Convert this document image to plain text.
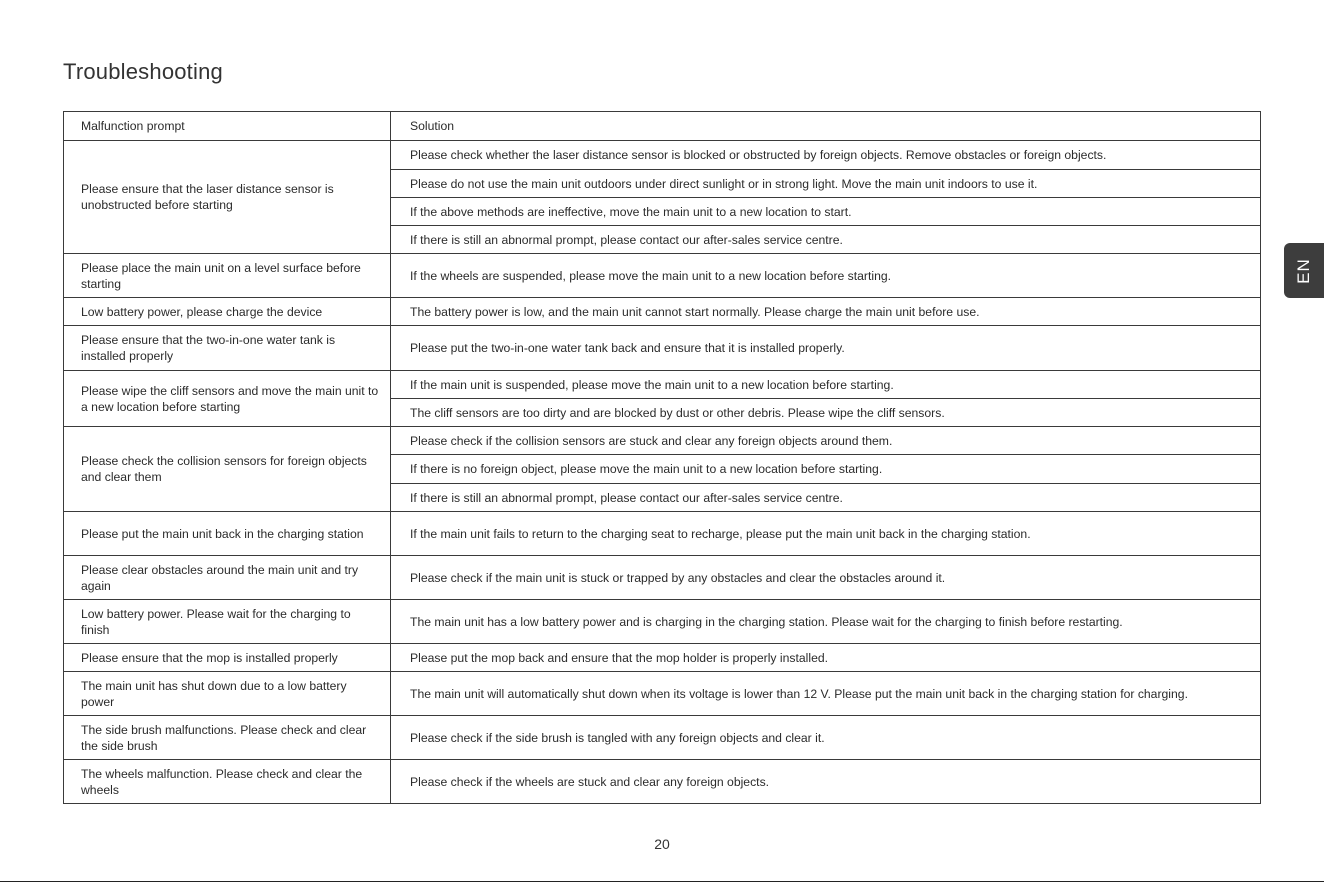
Troubleshooting
Malfunction prompt	Solution
Please ensure that the laser distance sensor is unobstructed before starting	Please check whether the laser distance sensor is blocked or obstructed by foreign objects. Remove obstacles or foreign objects.
	Please do not use the main unit outdoors under direct sunlight or in strong light. Move the main unit indoors to use it.
	If the above methods are ineffective, move the main unit to a new location to start.
	If there is still an abnormal prompt, please contact our after-sales service centre.
Please place the main unit on a level surface before starting	If the wheels are suspended, please move the main unit to a new location before starting.
Low battery power, please charge the device	The battery power is low, and the main unit cannot start normally. Please charge the main unit before use.
Please ensure that the two-in-one water tank is installed properly	Please put the two-in-one water tank back and ensure that it is installed properly.
Please wipe the cliff sensors and move the main unit to a new location before starting	If the main unit is suspended, please move the main unit to a new location before starting.
	The cliff sensors are too dirty and are blocked by dust or other debris. Please wipe the cliff sensors.
Please check the collision sensors for foreign objects and clear them	Please check if the collision sensors are stuck and clear any foreign objects around them.
	If there is no foreign object, please move the main unit to a new location before starting.
	If there is still an abnormal prompt, please contact our after-sales service centre.
Please put the main unit back in the charging station	If the main unit fails to return to the charging seat to recharge, please put the main unit back in the charging station.
Please clear obstacles around the main unit and try again	Please check if the main unit is stuck or trapped by any obstacles and clear the obstacles around it.
Low battery power. Please wait for the charging to finish	The main unit has a low battery power and is charging in the charging station. Please wait for the charging to finish before restarting.
Please ensure that the mop is installed properly	Please put the mop back and ensure that the mop holder is properly installed.
The main unit has shut down due to a low battery power	The main unit will automatically shut down when its voltage is lower than 12 V. Please put the main unit back in the charging station for charging.
The side brush malfunctions. Please check and clear the side brush	Please check if the side brush is tangled with any foreign objects and clear it.
The wheels malfunction. Please check and clear the wheels	Please check if the wheels are stuck and clear any foreign objects.
EN
20
